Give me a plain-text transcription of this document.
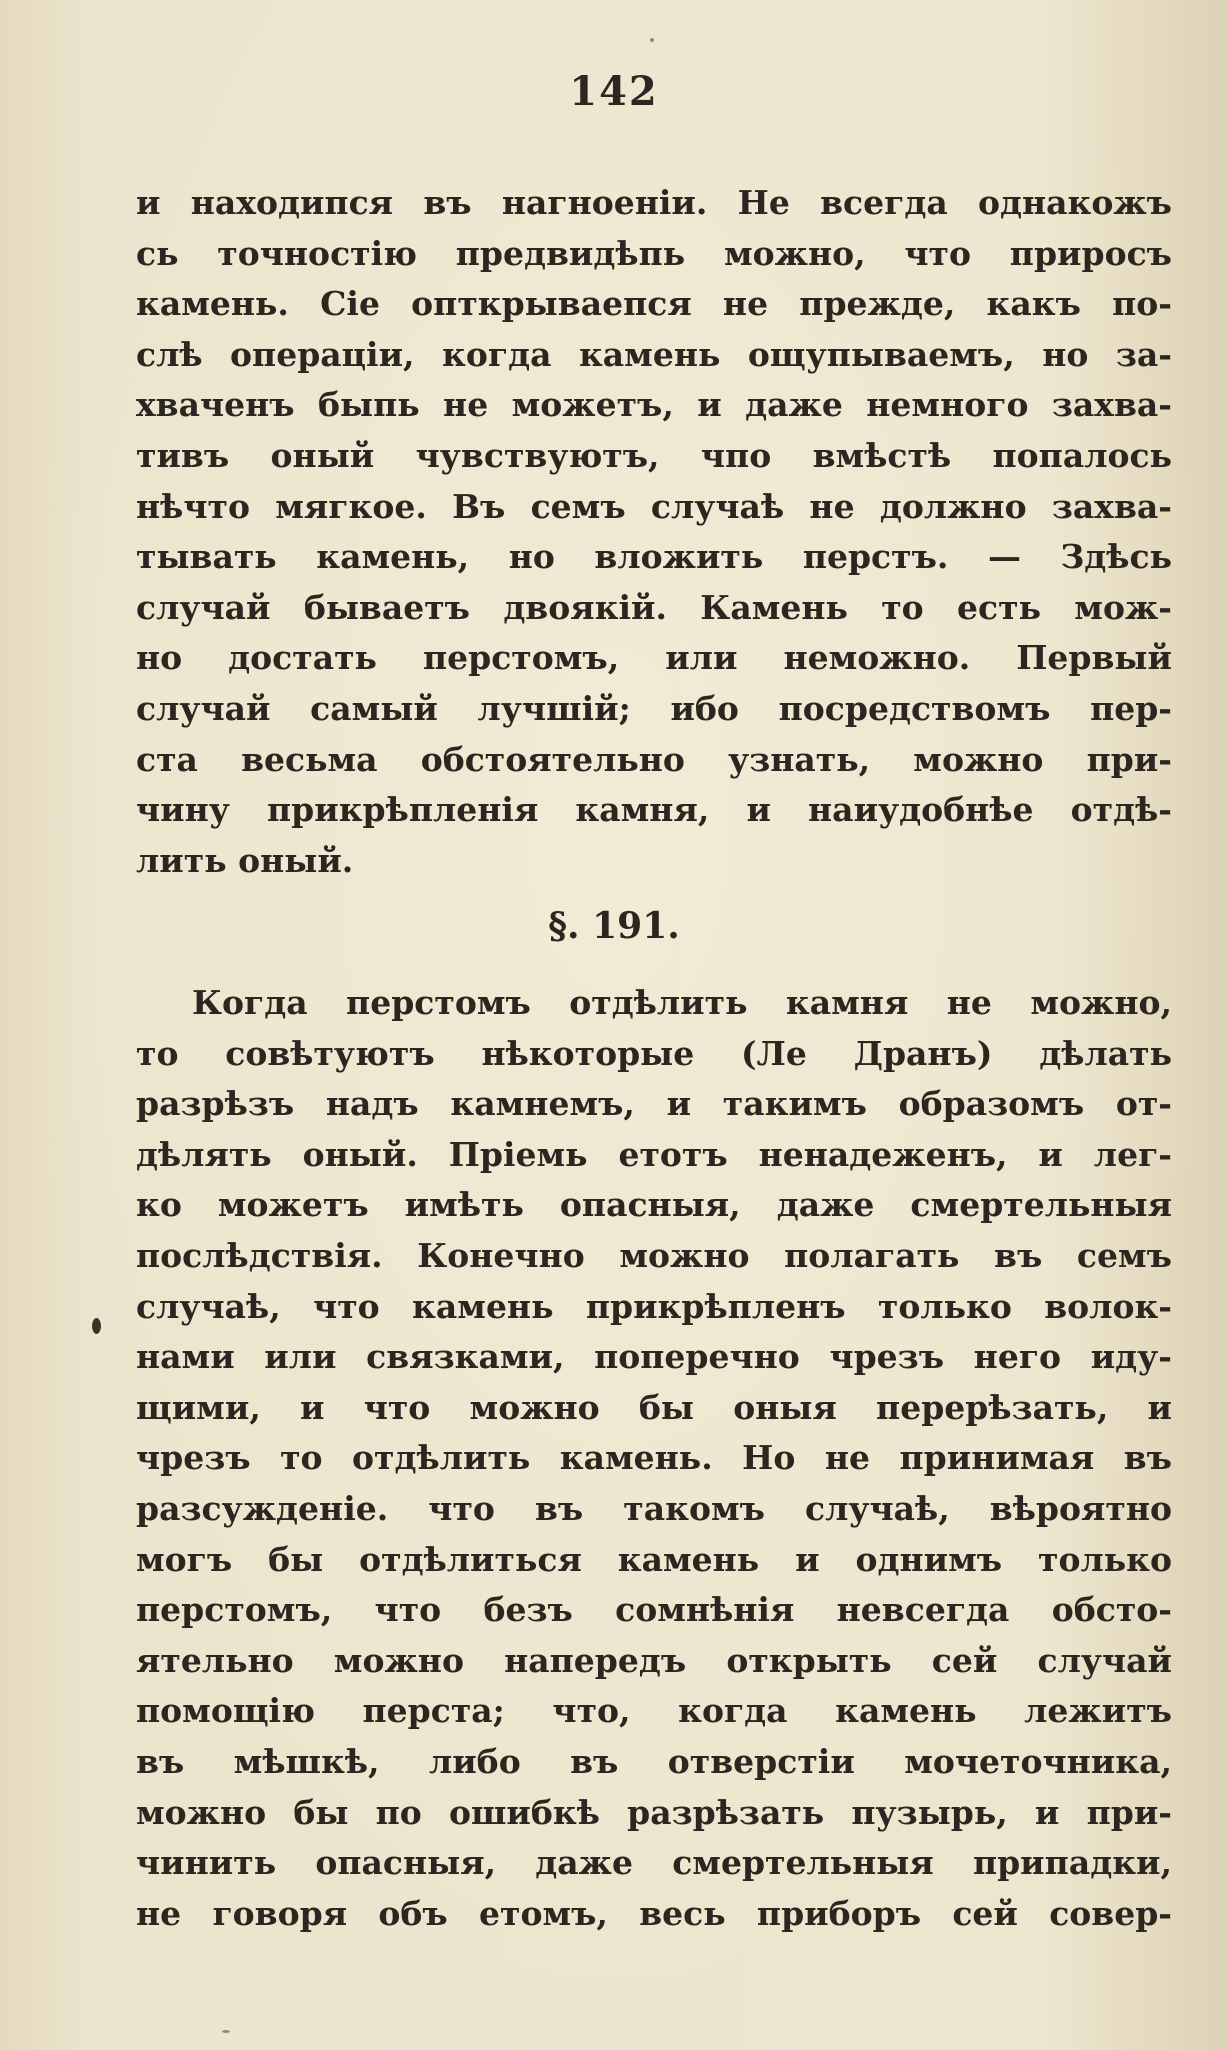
142
и находипся въ нагноеніи. Не всегда однакожъ
сь точностію предвидѣпь можно, что приросъ
камень. Сіе опткрываепся не прежде, какъ по-
слѣ операціи, когда камень ощупываемъ, но за-
хваченъ быпь не можетъ, и даже немного захва-
тивъ оный чувствуютъ, чпо вмѣстѣ попалось
нѣчто мягкое. Въ семъ случаѣ не должно захва-
тывать камень, но вложить перстъ. — Здѣсь
случай бываетъ двоякій. Камень то есть мож-
но достать перстомъ, или неможно. Первый
случай самый лучшій; ибо посредствомъ пер-
ста весьма обстоятельно узнать, можно при-
чину прикрѣпленія камня, и наиудобнѣе отдѣ-
лить оный.
§. 191.
Когда перстомъ отдѣлить камня не можно,
то совѣтуютъ нѣкоторые (Ле Дранъ) дѣлать
разрѣзъ надъ камнемъ, и такимъ образомъ от-
дѣлять оный. Пріемь етотъ ненадеженъ, и лег-
ко можетъ имѣть опасныя, даже смертельныя
послѣдствія. Конечно можно полагать въ семъ
случаѣ, что камень прикрѣпленъ только волок-
нами или связками, поперечно чрезъ него иду-
щими, и что можно бы оныя перерѣзать, и
чрезъ то отдѣлить камень. Но не принимая въ
разсужденіе. что въ такомъ случаѣ, вѣроятно
могъ бы отдѣлиться камень и однимъ только
перстомъ, что безъ сомнѣнія невсегда обсто-
ятельно можно напередъ открыть сей случай
помощію перста; что, когда камень лежитъ
въ мѣшкѣ, либо въ отверстіи мочеточника,
можно бы по ошибкѣ разрѣзать пузырь, и при-
чинить опасныя, даже смертельныя припадки,
не говоря объ етомъ, весь приборъ сей совер-
